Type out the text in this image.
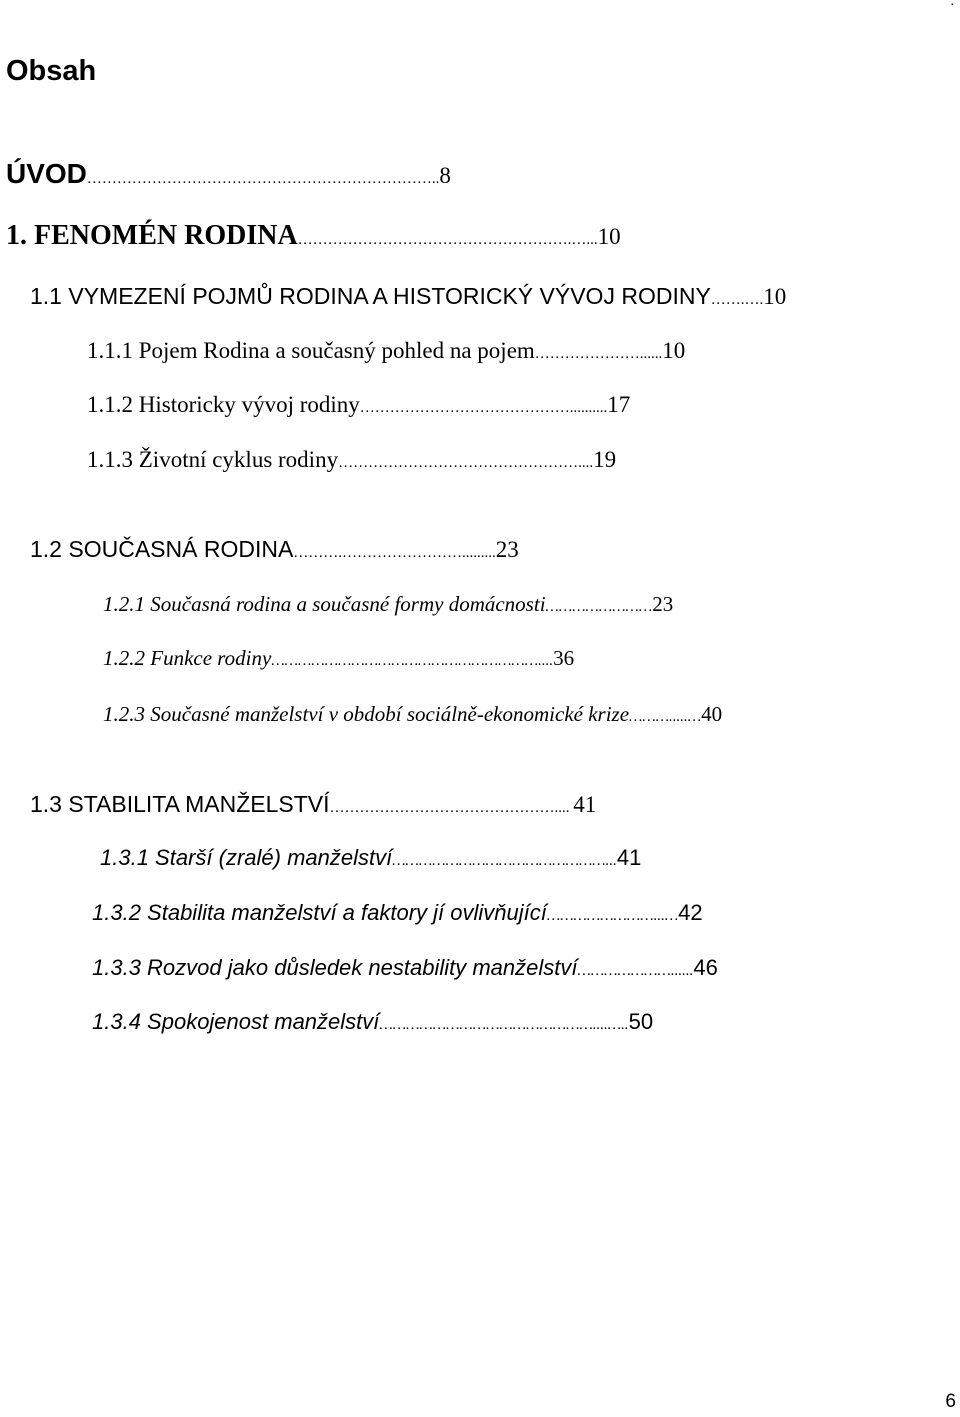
.
Obsah
ÚVOD……………………………………………………………..8
1. FENOMÉN RODINA……………………………………………….…...10
1.1 VYMEZENÍ POJMŮ RODINA A HISTORICKÝ VÝVOJ RODINY…….….10
1.1.1 Pojem Rodina a současný pohled na pojem…………………......10
1.1.2 Historicky vývoj rodiny……………………………………..........17
1.1.3 Životní cyklus rodiny…………………………………………....19
1.2 SOUČASNÁ RODINA……….…………………….........23
1.2.1 Současná rodina a současné formy domácnosti……………………23
1.2.2 Funkce rodiny……………………………………………………....36
1.2.3 Současné manželství v období sociálně-ekonomické krize……….....…40
1.3 STABILITA MANŽELSTVÍ……………………………………….... 41
1.3.1 Starší (zralé) manželství…………………………………………...41
1.3.2 Stabilita manželství a faktory jí ovlivňující……………………...…42
1.3.3 Rozvod jako důsledek nestability manželství…………………......46
1.3.4 Spokojenost manželství…………………………………………....…..50
6
